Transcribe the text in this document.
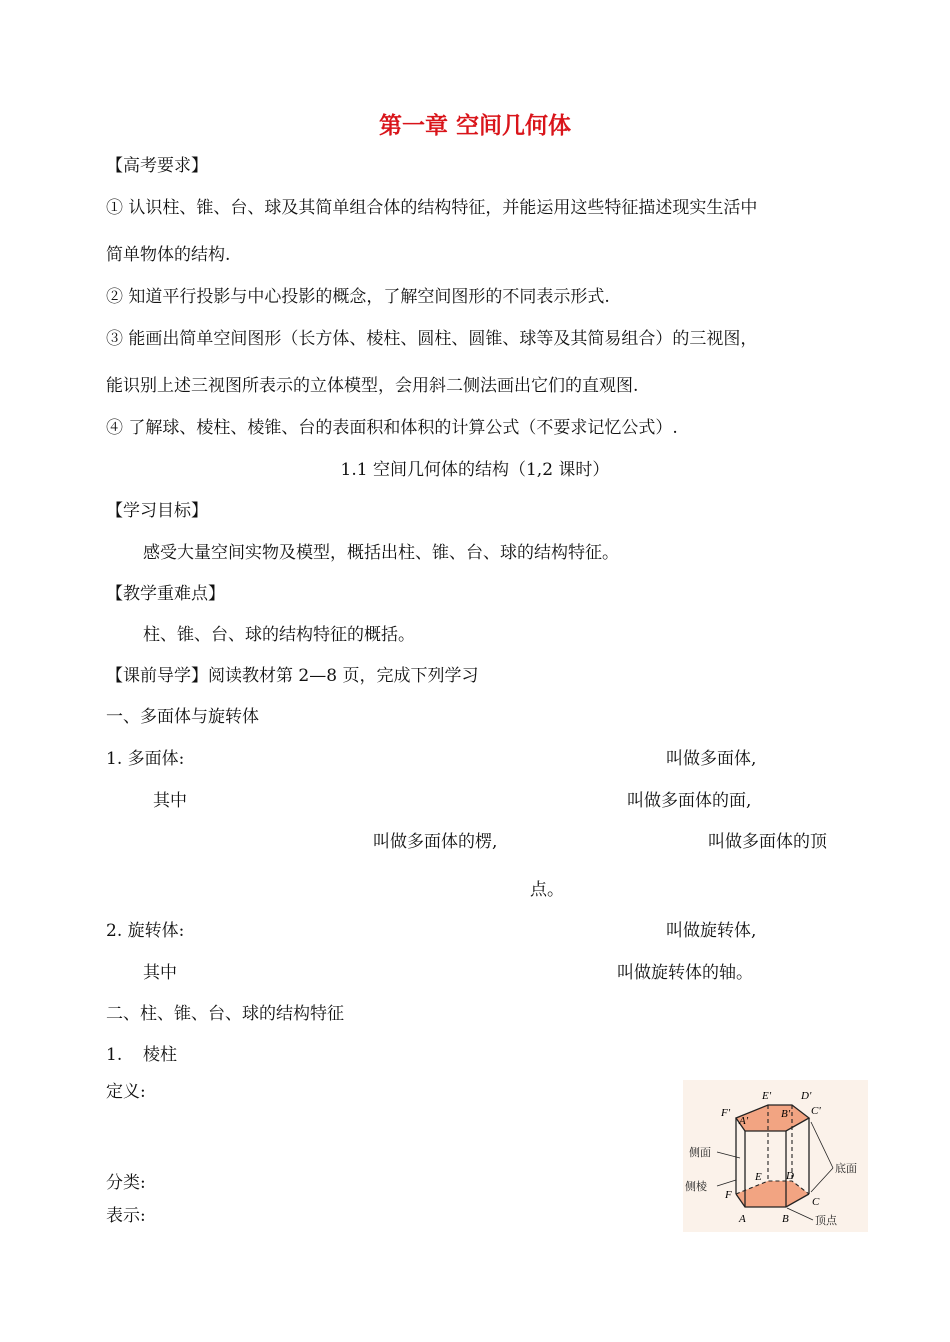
第一章 空间几何体
【高考要求】
① 认识柱、锥、台、球及其简单组合体的结构特征，并能运用这些特征描述现实生活中
简单物体的结构.
② 知道平行投影与中心投影的概念，了解空间图形的不同表示形式.
③ 能画出简单空间图形（长方体、棱柱、圆柱、圆锥、球等及其简易组合）的三视图，
能识别上述三视图所表示的立体模型，会用斜二侧法画出它们的直观图.
④ 了解球、棱柱、棱锥、台的表面积和体积的计算公式（不要求记忆公式）.
1.1 空间几何体的结构（1,2 课时）
【学习目标】
感受大量空间实物及模型，概括出柱、锥、台、球的结构特征。
【教学重难点】
柱、锥、台、球的结构特征的概括。
【课前导学】阅读教材第 2—8 页，完成下列学习
一、多面体与旋转体
1. 多面体:	叫做多面体,
其中	叫做多面体的面,
叫做多面体的楞,	叫做多面体的顶
点。
2. 旋转体:	叫做旋转体,
其中	叫做旋转体的轴。
二、柱、锥、台、球的结构特征
1. 棱柱
定义:
分类:
表示:
E'	D'
F'
A'
B' C'
E D
F
A	B
C
侧面
侧棱
底面
顶点
